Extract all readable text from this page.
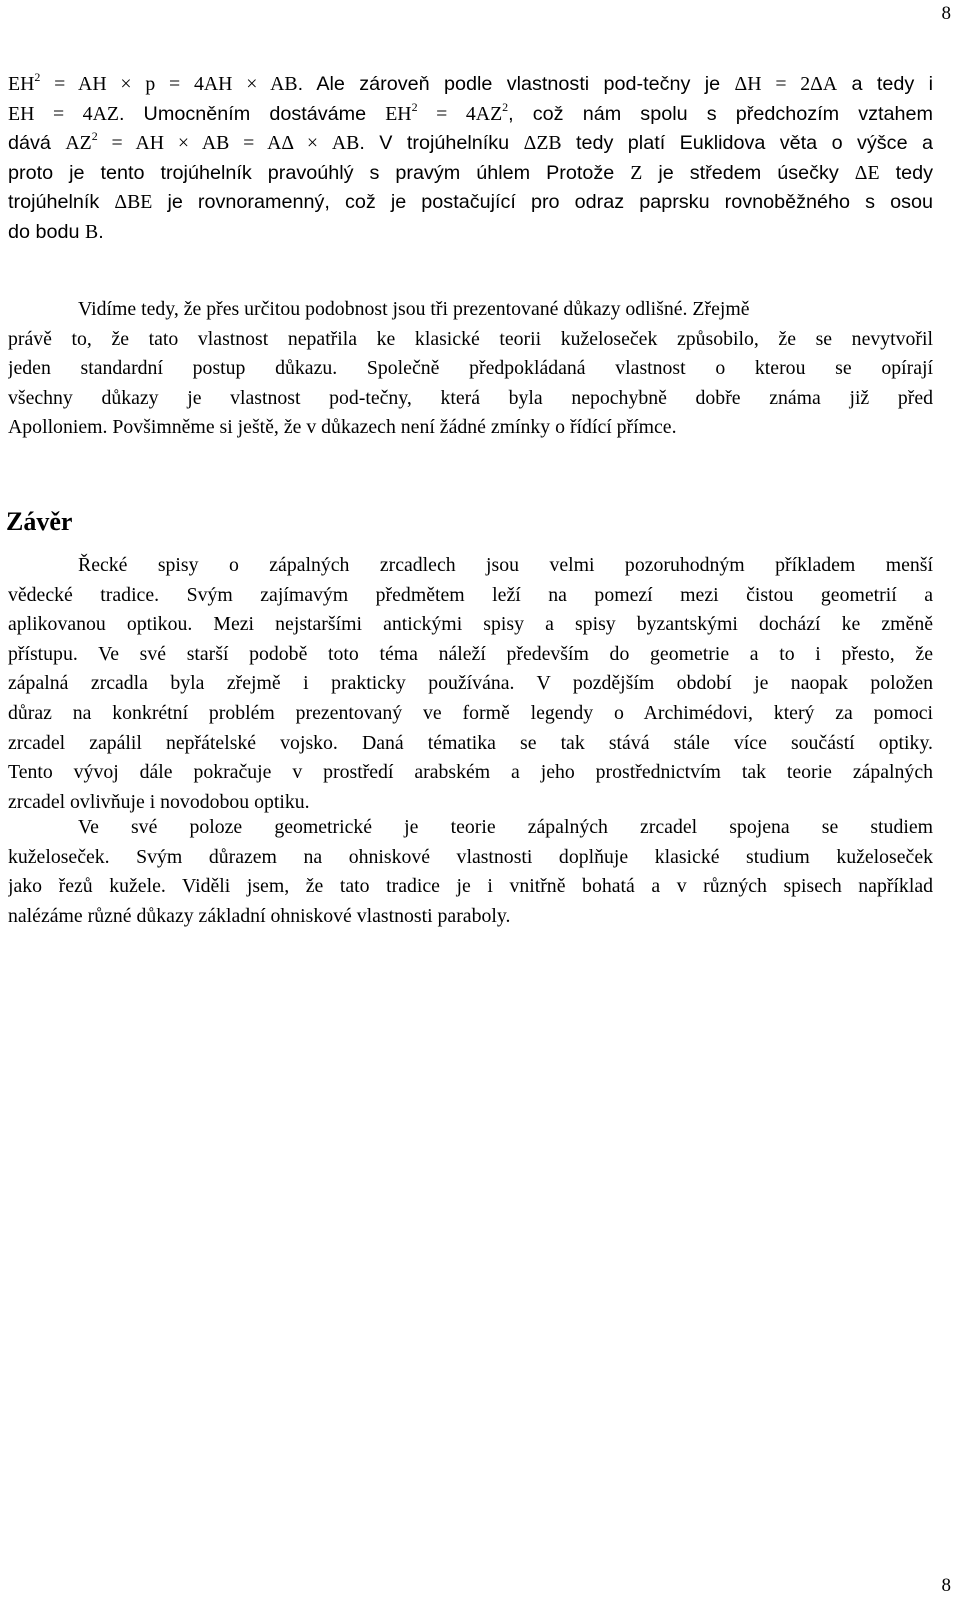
8
$EH^2$ = AH × p = 4AH × AB. Ale zároveň podle vlastnosti pod-tečny je ΔH = 2ΔA a tedy i
EH = 4AZ. Umocněním dostáváme $EH^2 = 4AZ^2$, což nám spolu s předchozím vztahem
dává $AZ^2$ = AH × AB = AΔ × AB. V trojúhelníku ΔZB tedy platí Euklidova věta o výšce a
proto je tento trojúhelník pravoúhlý s pravým úhlem Protože Z je středem úsečky ΔE tedy
trojúhelník ΔBE je rovnoramenný, což je postačující pro odraz paprsku rovnoběžného s osou
do bodu B.
Vidíme tedy, že přes určitou podobnost jsou tři prezentované důkazy odlišné. Zřejmě
právě to, že tato vlastnost nepatřila ke klasické teorii kuželoseček způsobilo, že se nevytvořil
jeden standardní postup důkazu. Společně předpokládaná vlastnost o kterou se opírají
všechny důkazy je vlastnost pod-tečny, která byla nepochybně dobře známa již před
Apolloniem. Povšimněme si ještě, že v důkazech není žádné zmínky o řídící přímce.
Závěr
Řecké spisy o zápalných zrcadlech jsou velmi pozoruhodným příkladem menší
vědecké tradice. Svým zajímavým předmětem leží na pomezí mezi čistou geometrií a
aplikovanou optikou. Mezi nejstaršími antickými spisy a spisy byzantskými dochází ke změně
přístupu. Ve své starší podobě toto téma náleží především do geometrie a to i přesto, že
zápalná zrcadla byla zřejmě i prakticky používána. V pozdějším období je naopak položen
důraz na konkrétní problém prezentovaný ve formě legendy o Archimédovi, který za pomoci
zrcadel zapálil nepřátelské vojsko. Daná tématika se tak stává stále více součástí optiky.
Tento vývoj dále pokračuje v prostředí arabském a jeho prostřednictvím tak teorie zápalných
zrcadel ovlivňuje i novodobou optiku.
Ve své poloze geometrické je teorie zápalných zrcadel spojena se studiem
kuželoseček. Svým důrazem na ohniskové vlastnosti doplňuje klasické studium kuželoseček
jako řezů kužele. Viděli jsem, že tato tradice je i vnitřně bohatá a v různých spisech například
nalézáme různé důkazy základní ohniskové vlastnosti paraboly.
8
